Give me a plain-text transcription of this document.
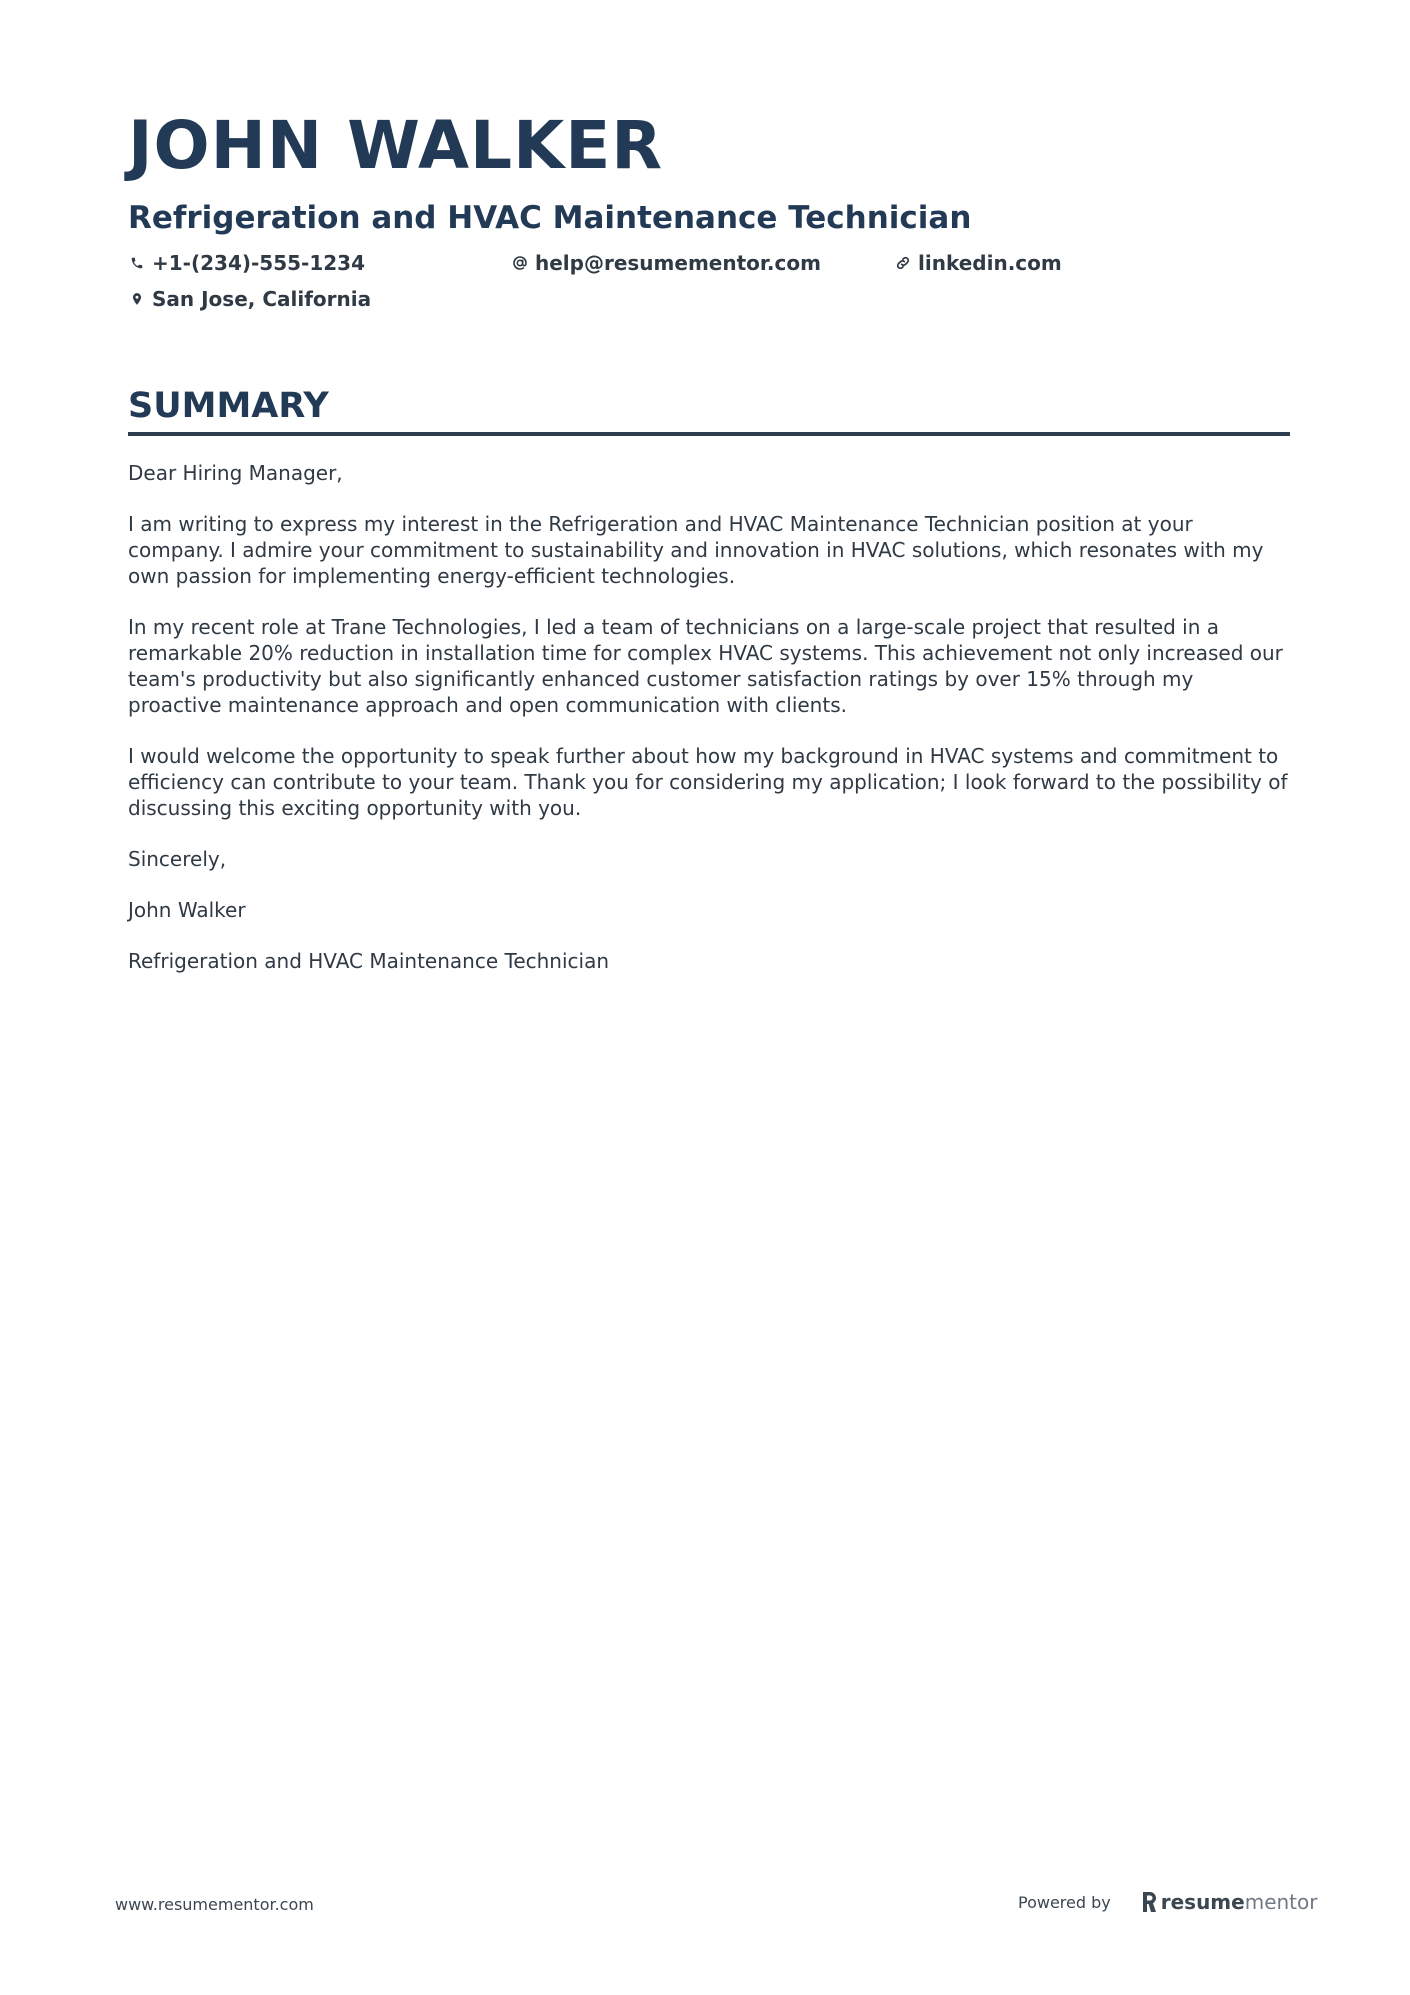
JOHN WALKER
Refrigeration and HVAC Maintenance Technician
+1-(234)-555-1234	help@resumementor.com	linkedin.com
San Jose, California
SUMMARY

Dear Hiring Manager,

I am writing to express my interest in the Refrigeration and HVAC Maintenance Technician position at your company. I admire your commitment to sustainability and innovation in HVAC solutions, which resonates with my own passion for implementing energy-efficient technologies.

In my recent role at Trane Technologies, I led a team of technicians on a large-scale project that resulted in a remarkable 20% reduction in installation time for complex HVAC systems. This achievement not only increased our team's productivity but also significantly enhanced customer satisfaction ratings by over 15% through my proactive maintenance approach and open communication with clients.

I would welcome the opportunity to speak further about how my background in HVAC systems and commitment to efficiency can contribute to your team. Thank you for considering my application; I look forward to the possibility of discussing this exciting opportunity with you.

Sincerely,

John Walker

Refrigeration and HVAC Maintenance Technician

www.resumementor.com	Powered by	resume mentor
